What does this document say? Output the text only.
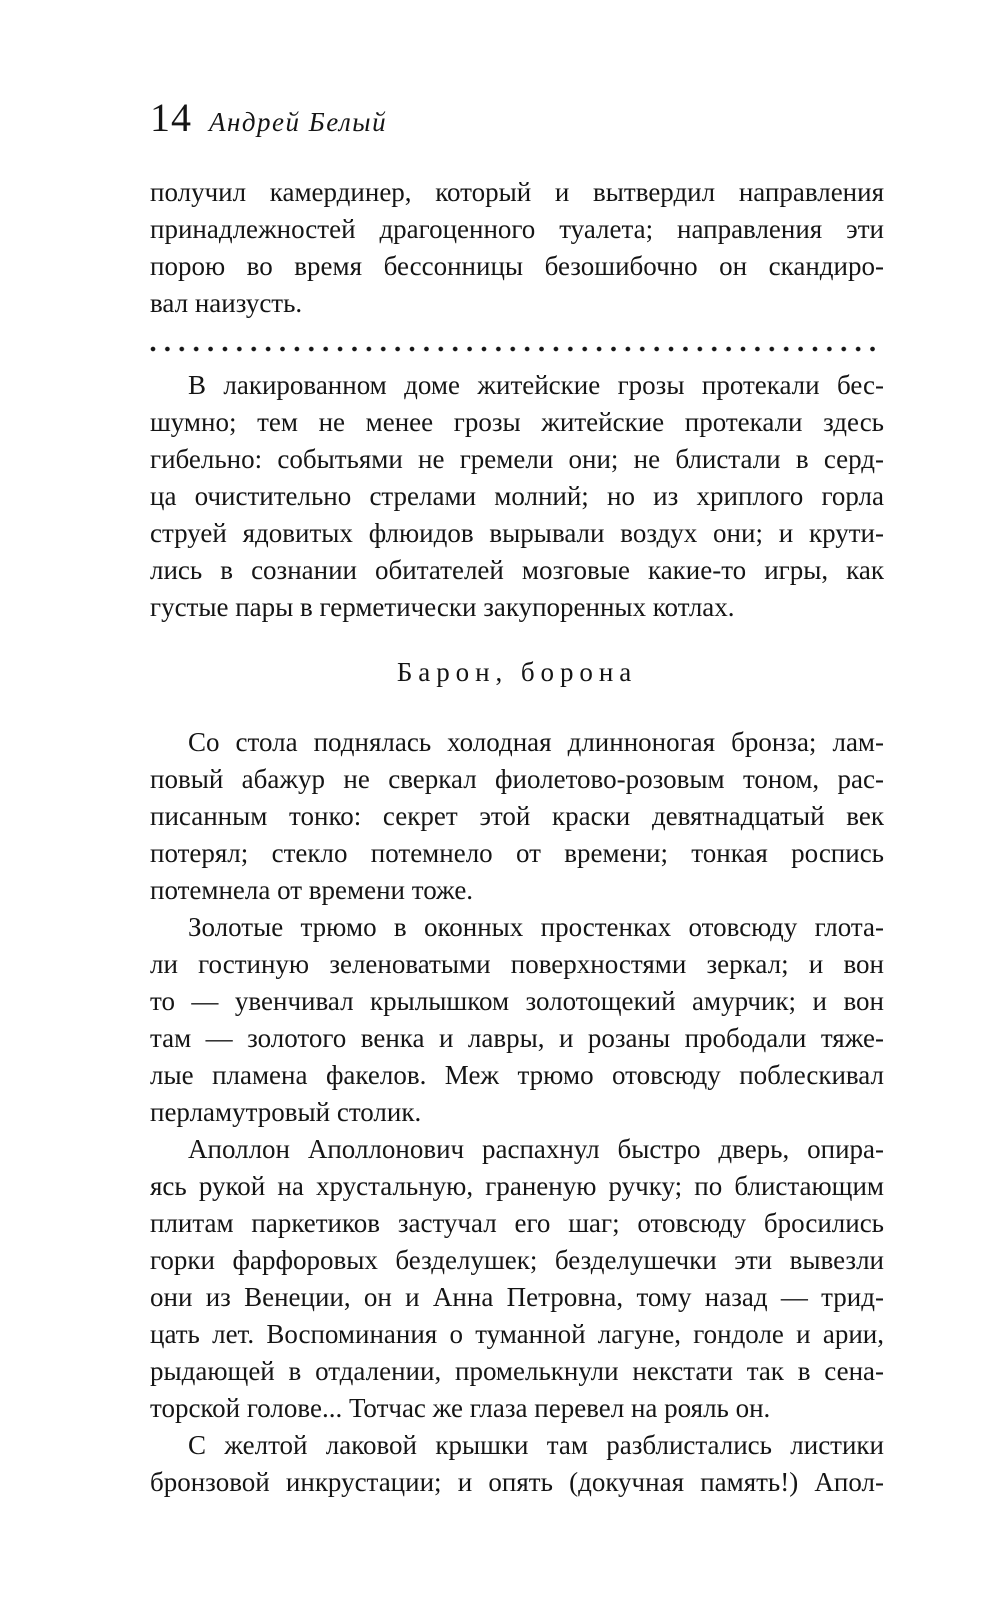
14 Андрей Белый
получил камердинер, который и вытвердил направления
принадлежностей драгоценного туалета; направления эти
порою во время бессонницы безошибочно он скандиро-
вал наизусть.
В лакированном доме житейские грозы протекали бес-
шумно; тем не менее грозы житейские протекали здесь
гибельно: событьями не гремели они; не блистали в серд-
ца очистительно стрелами молний; но из хриплого горла
струей ядовитых флюидов вырывали воздух они; и крути-
лись в сознании обитателей мозговые какие-то игры, как
густые пары в герметически закупоренных котлах.
Барон, борона
Со стола поднялась холодная длинноногая бронза; лам-
повый абажур не сверкал фиолетово-розовым тоном, рас-
писанным тонко: секрет этой краски девятнадцатый век
потерял; стекло потемнело от времени; тонкая роспись
потемнела от времени тоже.
Золотые трюмо в оконных простенках отовсюду глота-
ли гостиную зеленоватыми поверхностями зеркал; и вон
то — увенчивал крылышком золотощекий амурчик; и вон
там — золотого венка и лавры, и розаны прободали тяже-
лые пламена факелов. Меж трюмо отовсюду поблескивал
перламутровый столик.
Аполлон Аполлонович распахнул быстро дверь, опира-
ясь рукой на хрустальную, граненую ручку; по блистающим
плитам паркетиков застучал его шаг; отовсюду бросились
горки фарфоровых безделушек; безделушечки эти вывезли
они из Венеции, он и Анна Петровна, тому назад — трид-
цать лет. Воспоминания о туманной лагуне, гондоле и арии,
рыдающей в отдалении, промелькнули некстати так в сена-
торской голове... Тотчас же глаза перевел на рояль он.
С желтой лаковой крышки там разблистались листики
бронзовой инкрустации; и опять (докучная память!) Апол-
